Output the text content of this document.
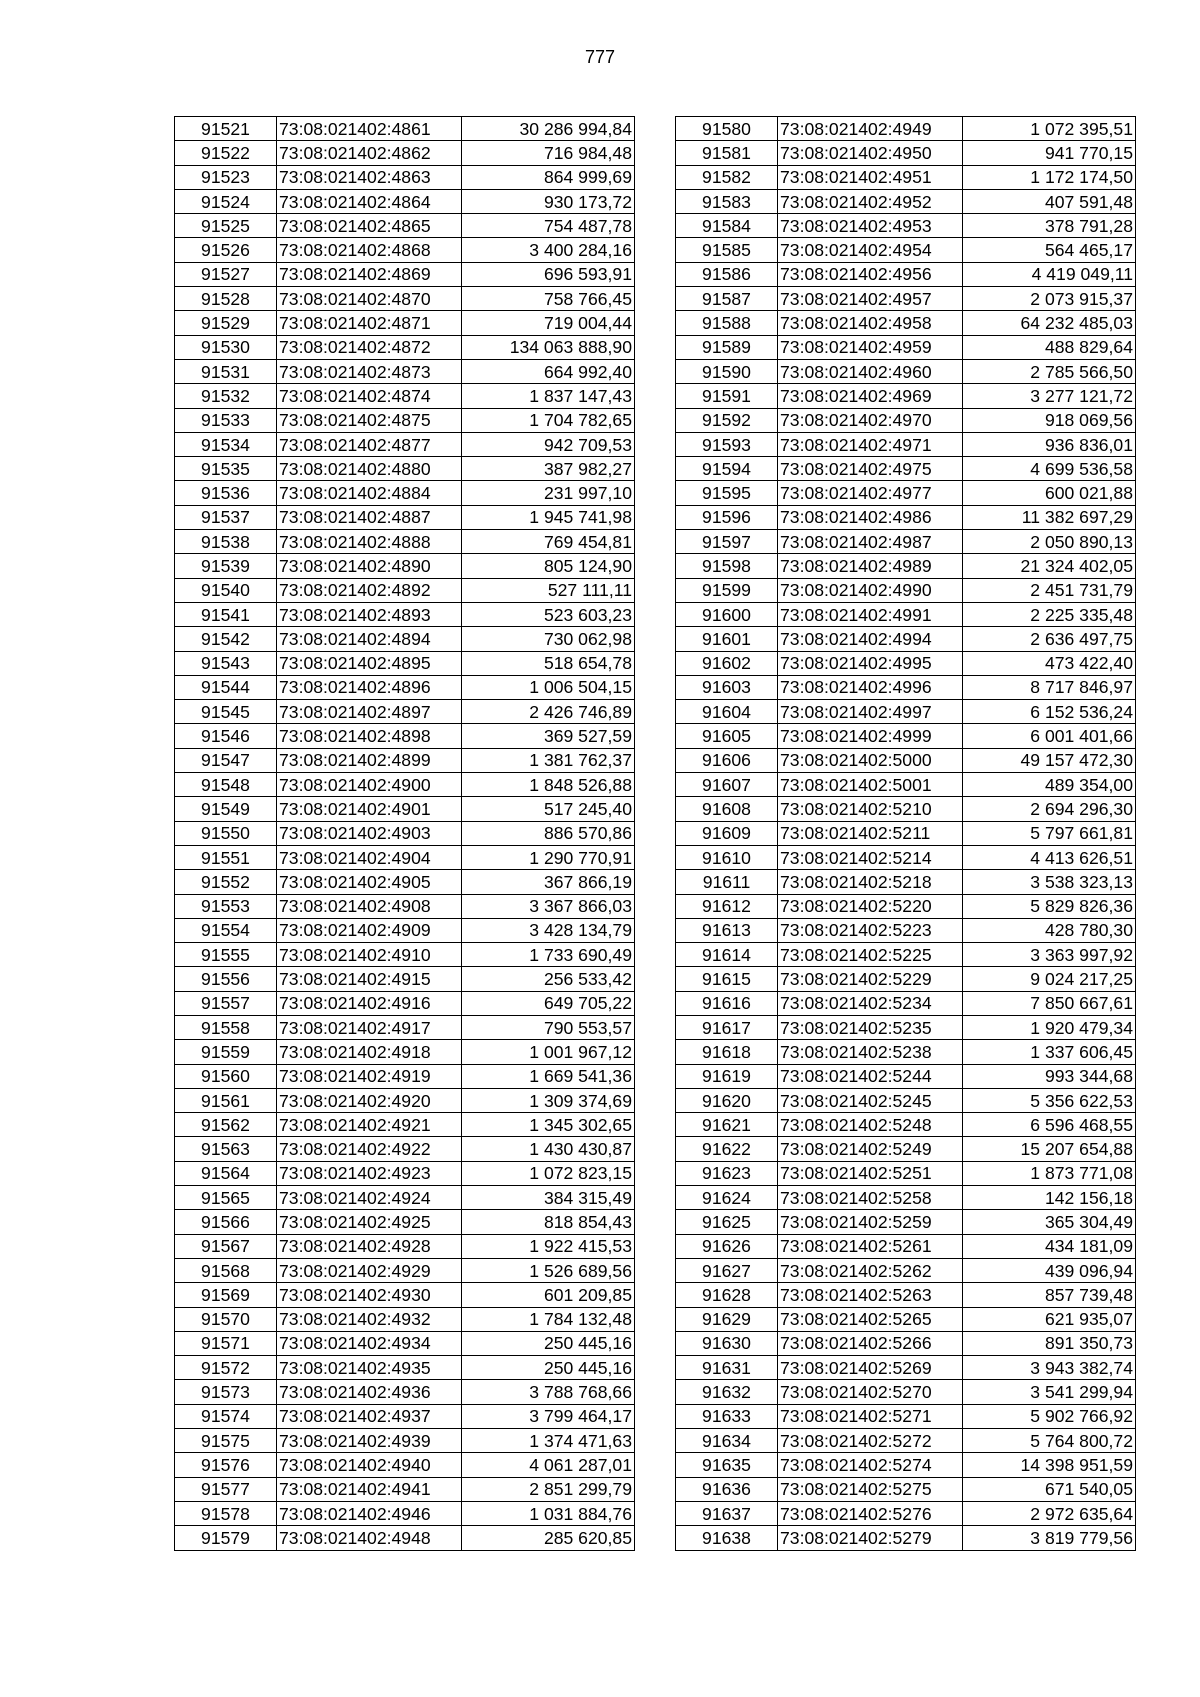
777
91521	73:08:021402:4861	30 286 994,84
91522	73:08:021402:4862	716 984,48
91523	73:08:021402:4863	864 999,69
91524	73:08:021402:4864	930 173,72
91525	73:08:021402:4865	754 487,78
91526	73:08:021402:4868	3 400 284,16
91527	73:08:021402:4869	696 593,91
91528	73:08:021402:4870	758 766,45
91529	73:08:021402:4871	719 004,44
91530	73:08:021402:4872	134 063 888,90
91531	73:08:021402:4873	664 992,40
91532	73:08:021402:4874	1 837 147,43
91533	73:08:021402:4875	1 704 782,65
91534	73:08:021402:4877	942 709,53
91535	73:08:021402:4880	387 982,27
91536	73:08:021402:4884	231 997,10
91537	73:08:021402:4887	1 945 741,98
91538	73:08:021402:4888	769 454,81
91539	73:08:021402:4890	805 124,90
91540	73:08:021402:4892	527 111,11
91541	73:08:021402:4893	523 603,23
91542	73:08:021402:4894	730 062,98
91543	73:08:021402:4895	518 654,78
91544	73:08:021402:4896	1 006 504,15
91545	73:08:021402:4897	2 426 746,89
91546	73:08:021402:4898	369 527,59
91547	73:08:021402:4899	1 381 762,37
91548	73:08:021402:4900	1 848 526,88
91549	73:08:021402:4901	517 245,40
91550	73:08:021402:4903	886 570,86
91551	73:08:021402:4904	1 290 770,91
91552	73:08:021402:4905	367 866,19
91553	73:08:021402:4908	3 367 866,03
91554	73:08:021402:4909	3 428 134,79
91555	73:08:021402:4910	1 733 690,49
91556	73:08:021402:4915	256 533,42
91557	73:08:021402:4916	649 705,22
91558	73:08:021402:4917	790 553,57
91559	73:08:021402:4918	1 001 967,12
91560	73:08:021402:4919	1 669 541,36
91561	73:08:021402:4920	1 309 374,69
91562	73:08:021402:4921	1 345 302,65
91563	73:08:021402:4922	1 430 430,87
91564	73:08:021402:4923	1 072 823,15
91565	73:08:021402:4924	384 315,49
91566	73:08:021402:4925	818 854,43
91567	73:08:021402:4928	1 922 415,53
91568	73:08:021402:4929	1 526 689,56
91569	73:08:021402:4930	601 209,85
91570	73:08:021402:4932	1 784 132,48
91571	73:08:021402:4934	250 445,16
91572	73:08:021402:4935	250 445,16
91573	73:08:021402:4936	3 788 768,66
91574	73:08:021402:4937	3 799 464,17
91575	73:08:021402:4939	1 374 471,63
91576	73:08:021402:4940	4 061 287,01
91577	73:08:021402:4941	2 851 299,79
91578	73:08:021402:4946	1 031 884,76
91579	73:08:021402:4948	285 620,85
91580	73:08:021402:4949	1 072 395,51
91581	73:08:021402:4950	941 770,15
91582	73:08:021402:4951	1 172 174,50
91583	73:08:021402:4952	407 591,48
91584	73:08:021402:4953	378 791,28
91585	73:08:021402:4954	564 465,17
91586	73:08:021402:4956	4 419 049,11
91587	73:08:021402:4957	2 073 915,37
91588	73:08:021402:4958	64 232 485,03
91589	73:08:021402:4959	488 829,64
91590	73:08:021402:4960	2 785 566,50
91591	73:08:021402:4969	3 277 121,72
91592	73:08:021402:4970	918 069,56
91593	73:08:021402:4971	936 836,01
91594	73:08:021402:4975	4 699 536,58
91595	73:08:021402:4977	600 021,88
91596	73:08:021402:4986	11 382 697,29
91597	73:08:021402:4987	2 050 890,13
91598	73:08:021402:4989	21 324 402,05
91599	73:08:021402:4990	2 451 731,79
91600	73:08:021402:4991	2 225 335,48
91601	73:08:021402:4994	2 636 497,75
91602	73:08:021402:4995	473 422,40
91603	73:08:021402:4996	8 717 846,97
91604	73:08:021402:4997	6 152 536,24
91605	73:08:021402:4999	6 001 401,66
91606	73:08:021402:5000	49 157 472,30
91607	73:08:021402:5001	489 354,00
91608	73:08:021402:5210	2 694 296,30
91609	73:08:021402:5211	5 797 661,81
91610	73:08:021402:5214	4 413 626,51
91611	73:08:021402:5218	3 538 323,13
91612	73:08:021402:5220	5 829 826,36
91613	73:08:021402:5223	428 780,30
91614	73:08:021402:5225	3 363 997,92
91615	73:08:021402:5229	9 024 217,25
91616	73:08:021402:5234	7 850 667,61
91617	73:08:021402:5235	1 920 479,34
91618	73:08:021402:5238	1 337 606,45
91619	73:08:021402:5244	993 344,68
91620	73:08:021402:5245	5 356 622,53
91621	73:08:021402:5248	6 596 468,55
91622	73:08:021402:5249	15 207 654,88
91623	73:08:021402:5251	1 873 771,08
91624	73:08:021402:5258	142 156,18
91625	73:08:021402:5259	365 304,49
91626	73:08:021402:5261	434 181,09
91627	73:08:021402:5262	439 096,94
91628	73:08:021402:5263	857 739,48
91629	73:08:021402:5265	621 935,07
91630	73:08:021402:5266	891 350,73
91631	73:08:021402:5269	3 943 382,74
91632	73:08:021402:5270	3 541 299,94
91633	73:08:021402:5271	5 902 766,92
91634	73:08:021402:5272	5 764 800,72
91635	73:08:021402:5274	14 398 951,59
91636	73:08:021402:5275	671 540,05
91637	73:08:021402:5276	2 972 635,64
91638	73:08:021402:5279	3 819 779,56
